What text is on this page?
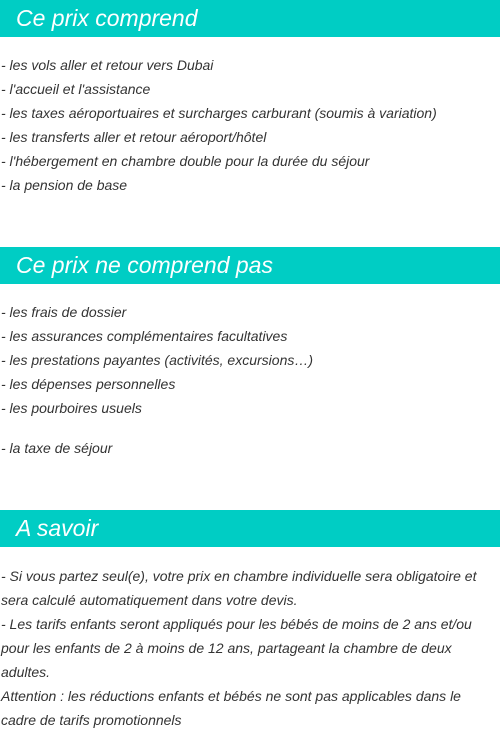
Ce prix comprend
- les vols aller et retour vers Dubai
- l'accueil et l'assistance
- les taxes aéroportuaires et surcharges carburant (soumis à variation)
- les transferts aller et retour aéroport/hôtel
- l'hébergement en chambre double pour la durée du séjour
- la pension de base
Ce prix ne comprend pas
- les frais de dossier
- les assurances complémentaires facultatives
- les prestations payantes (activités, excursions…)
- les dépenses personnelles
- les pourboires usuels
- la taxe de séjour
A savoir
- Si vous partez seul(e), votre prix en chambre individuelle sera obligatoire et sera calculé automatiquement dans votre devis.
- Les tarifs enfants seront appliqués pour les bébés de moins de 2 ans et/ou pour les enfants de 2 à moins de 12 ans, partageant la chambre de deux adultes.
Attention : les réductions enfants et bébés ne sont pas applicables dans le cadre de tarifs promotionnels
